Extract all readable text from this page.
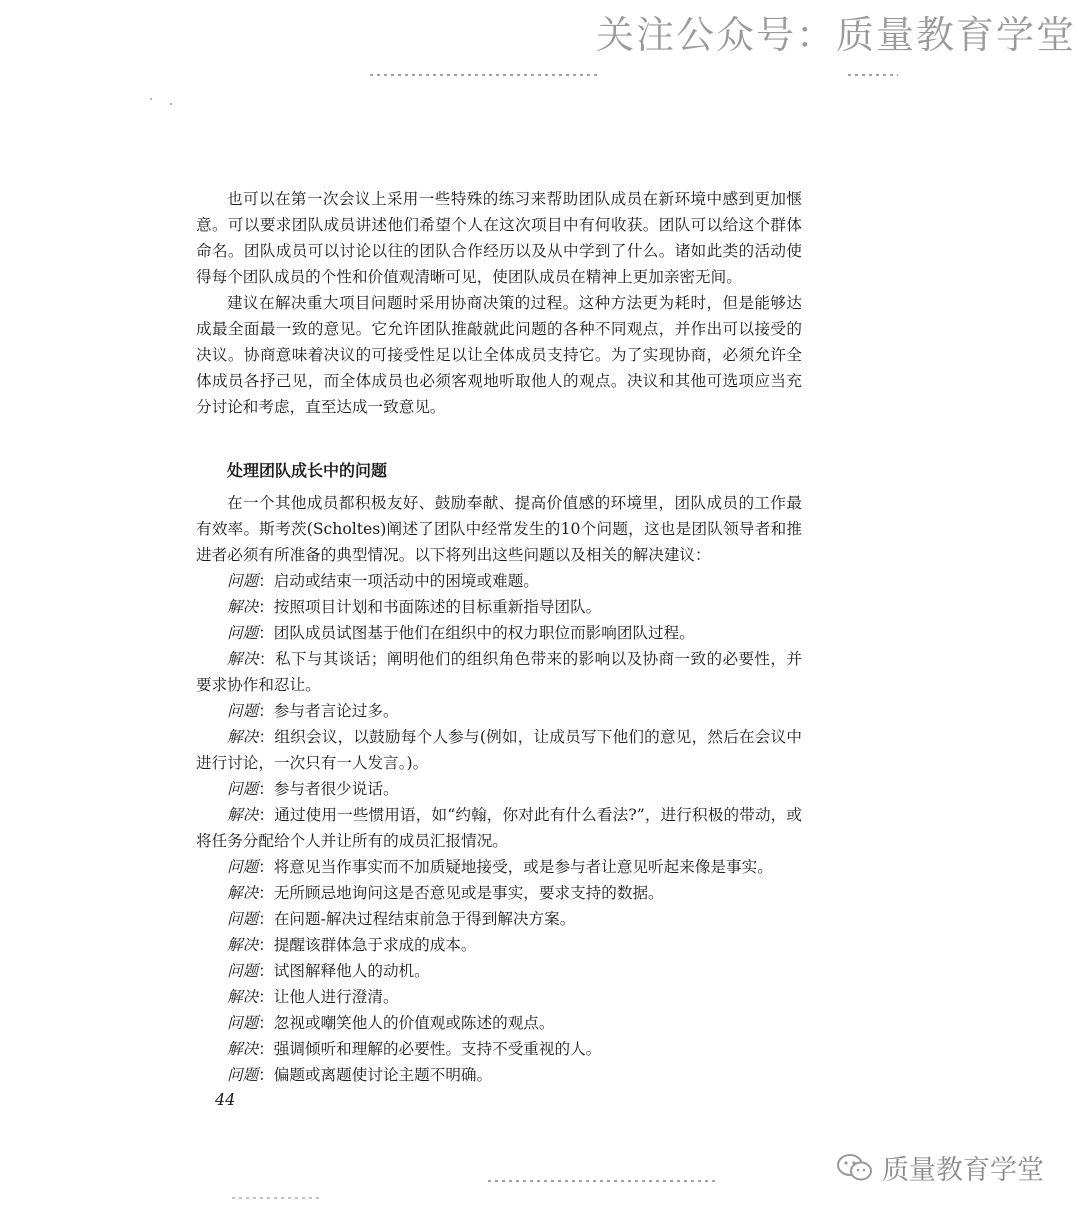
关注公众号：质量教育学堂

也可以在第一次会议上采用一些特殊的练习来帮助团队成员在新环境中感到更加惬意。可以要求团队成员讲述他们希望个人在这次项目中有何收获。团队可以给这个群体命名。团队成员可以讨论以往的团队合作经历以及从中学到了什么。诸如此类的活动使得每个团队成员的个性和价值观清晰可见，使团队成员在精神上更加亲密无间。

建议在解决重大项目问题时采用协商决策的过程。这种方法更为耗时，但是能够达成最全面最一致的意见。它允许团队推敲就此问题的各种不同观点，并作出可以接受的决议。协商意味着决议的可接受性足以让全体成员支持它。为了实现协商，必须允许全体成员各抒己见，而全体成员也必须客观地听取他人的观点。决议和其他可选项应当充分讨论和考虑，直至达成一致意见。

处理团队成长中的问题

在一个其他成员都积极友好、鼓励奉献、提高价值感的环境里，团队成员的工作最有效率。斯考茨(Scholtes)阐述了团队中经常发生的10个问题，这也是团队领导者和推进者必须有所准备的典型情况。以下将列出这些问题以及相关的解决建议：

问题：启动或结束一项活动中的困境或难题。

解决：按照项目计划和书面陈述的目标重新指导团队。

问题：团队成员试图基于他们在组织中的权力职位而影响团队过程。

解决：私下与其谈话；阐明他们的组织角色带来的影响以及协商一致的必要性，并要求协作和忍让。

问题：参与者言论过多。

解决：组织会议，以鼓励每个人参与(例如，让成员写下他们的意见，然后在会议中进行讨论，一次只有一人发言。)。

问题：参与者很少说话。

解决：通过使用一些惯用语，如“约翰，你对此有什么看法?”，进行积极的带动，或将任务分配给个人并让所有的成员汇报情况。

问题：将意见当作事实而不加质疑地接受，或是参与者让意见听起来像是事实。

解决：无所顾忌地询问这是否意见或是事实，要求支持的数据。

问题：在问题-解决过程结束前急于得到解决方案。

解决：提醒该群体急于求成的成本。

问题：试图解释他人的动机。

解决：让他人进行澄清。

问题：忽视或嘲笑他人的价值观或陈述的观点。

解决：强调倾听和理解的必要性。支持不受重视的人。

问题：偏题或离题使讨论主题不明确。

44
质量教育学堂
